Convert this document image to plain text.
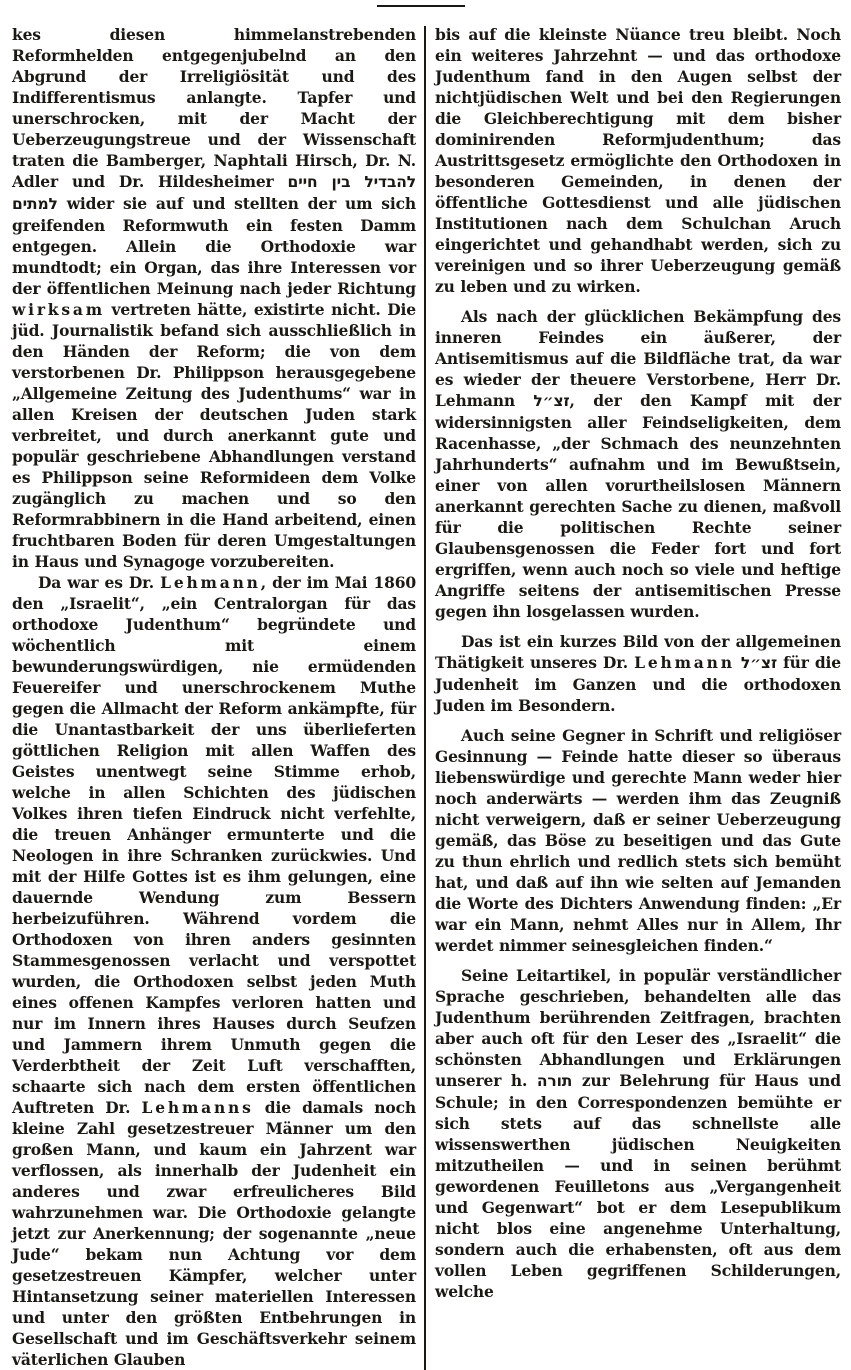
kes diesen himmelanstrebenden Reformhelden entgegenjubelnd an den Abgrund der Irreligiösität und des Indifferentismus anlangte. Tapfer und unerschrocken, mit der Macht der Ueberzeugungstreue und der Wissenschaft traten die Bamberger, Naphtali Hirsch, Dr. N. Adler und Dr. Hildesheimer להבדיל בין חיים למתים wider sie auf und stellten der um sich greifenden Reformwuth ein festen Damm entgegen. Allein die Orthodoxie war mundtodt; ein Organ, das ihre Interessen vor der öffentlichen Meinung nach jeder Richtung wirksam vertreten hätte, existirte nicht. Die jüd. Journalistik befand sich ausschließlich in den Händen der Reform; die von dem verstorbenen Dr. Philippson herausgegebene „Allgemeine Zeitung des Judenthums“ war in allen Kreisen der deutschen Juden stark verbreitet, und durch anerkannt gute und populär geschriebene Abhandlungen verstand es Philippson seine Reformideen dem Volke zugänglich zu machen und so den Reformrabbinern in die Hand arbeitend, einen fruchtbaren Boden für deren Umgestaltungen in Haus und Synagoge vorzubereiten.

Da war es Dr. Lehmann, der im Mai 1860 den „Israelit“, „ein Centralorgan für das orthodoxe Judenthum“ begründete und wöchentlich mit einem bewunderungswürdigen, nie ermüdenden Feuereifer und unerschrockenem Muthe gegen die Allmacht der Reform ankämpfte, für die Unantastbarkeit der uns überlieferten göttlichen Religion mit allen Waffen des Geistes unentwegt seine Stimme erhob, welche in allen Schichten des jüdischen Volkes ihren tiefen Eindruck nicht verfehlte, die treuen Anhänger ermunterte und die Neologen in ihre Schranken zurückwies. Und mit der Hilfe Gottes ist es ihm gelungen, eine dauernde Wendung zum Bessern herbeizuführen. Während vordem die Orthodoxen von ihren anders gesinnten Stammesgenossen verlacht und verspottet wurden, die Orthodoxen selbst jeden Muth eines offenen Kampfes verloren hatten und nur im Innern ihres Hauses durch Seufzen und Jammern ihrem Unmuth gegen die Verderbtheit der Zeit Luft verschafften, schaarte sich nach dem ersten öffentlichen Auftreten Dr. Lehmanns die damals noch kleine Zahl gesetzestreuer Männer um den großen Mann, und kaum ein Jahrzent war verflossen, als innerhalb der Judenheit ein anderes und zwar erfreulicheres Bild wahrzunehmen war. Die Orthodoxie gelangte jetzt zur Anerkennung; der sogenannte „neue Jude“ bekam nun Achtung vor dem gesetzestreuen Kämpfer, welcher unter Hintansetzung seiner materiellen Interessen und unter den größten Entbehrungen in Gesellschaft und im Geschäftsverkehr seinem väterlichen Glauben

bis auf die kleinste Nüance treu bleibt. Noch ein weiteres Jahrzehnt — und das orthodoxe Judenthum fand in den Augen selbst der nichtjüdischen Welt und bei den Regierungen die Gleichberechtigung mit dem bisher dominirenden Reformjudenthum; das Austrittsgesetz ermöglichte den Orthodoxen in besonderen Gemeinden, in denen der öffentliche Gottesdienst und alle jüdischen Institutionen nach dem Schulchan Aruch eingerichtet und gehandhabt werden, sich zu vereinigen und so ihrer Ueberzeugung gemäß zu leben und zu wirken.

Als nach der glücklichen Bekämpfung des inneren Feindes ein äußerer, der Antisemitismus auf die Bildfläche trat, da war es wieder der theuere Verstorbene, Herr Dr. Lehmann זצ״ל, der den Kampf mit der widersinnigsten aller Feindseligkeiten, dem Racenhasse, „der Schmach des neunzehnten Jahrhunderts“ aufnahm und im Bewußtsein, einer von allen vorurtheilslosen Männern anerkannt gerechten Sache zu dienen, maßvoll für die politischen Rechte seiner Glaubensgenossen die Feder fort und fort ergriffen, wenn auch noch so viele und heftige Angriffe seitens der antisemitischen Presse gegen ihn losgelassen wurden.

Das ist ein kurzes Bild von der allgemeinen Thätigkeit unseres Dr. Lehmann זצ״ל für die Judenheit im Ganzen und die orthodoxen Juden im Besondern.

Auch seine Gegner in Schrift und religiöser Gesinnung — Feinde hatte dieser so überaus liebenswürdige und gerechte Mann weder hier noch anderwärts — werden ihm das Zeugniß nicht verweigern, daß er seiner Ueberzeugung gemäß, das Böse zu beseitigen und das Gute zu thun ehrlich und redlich stets sich bemüht hat, und daß auf ihn wie selten auf Jemanden die Worte des Dichters Anwendung finden: „Er war ein Mann, nehmt Alles nur in Allem, Ihr werdet nimmer seinesgleichen finden.“

Seine Leitartikel, in populär verständlicher Sprache geschrieben, behandelten alle das Judenthum berührenden Zeitfragen, brachten aber auch oft für den Leser des „Israelit“ die schönsten Abhandlungen und Erklärungen unserer h. תורה zur Belehrung für Haus und Schule; in den Correspondenzen bemühte er sich stets auf das schnellste alle wissenswerthen jüdischen Neuigkeiten mitzutheilen — und in seinen berühmt gewordenen Feuilletons aus „Vergangenheit und Gegenwart“ bot er dem Lesepublikum nicht blos eine angenehme Unterhaltung, sondern auch die erhabensten, oft aus dem vollen Leben gegriffenen Schilderungen, welche
